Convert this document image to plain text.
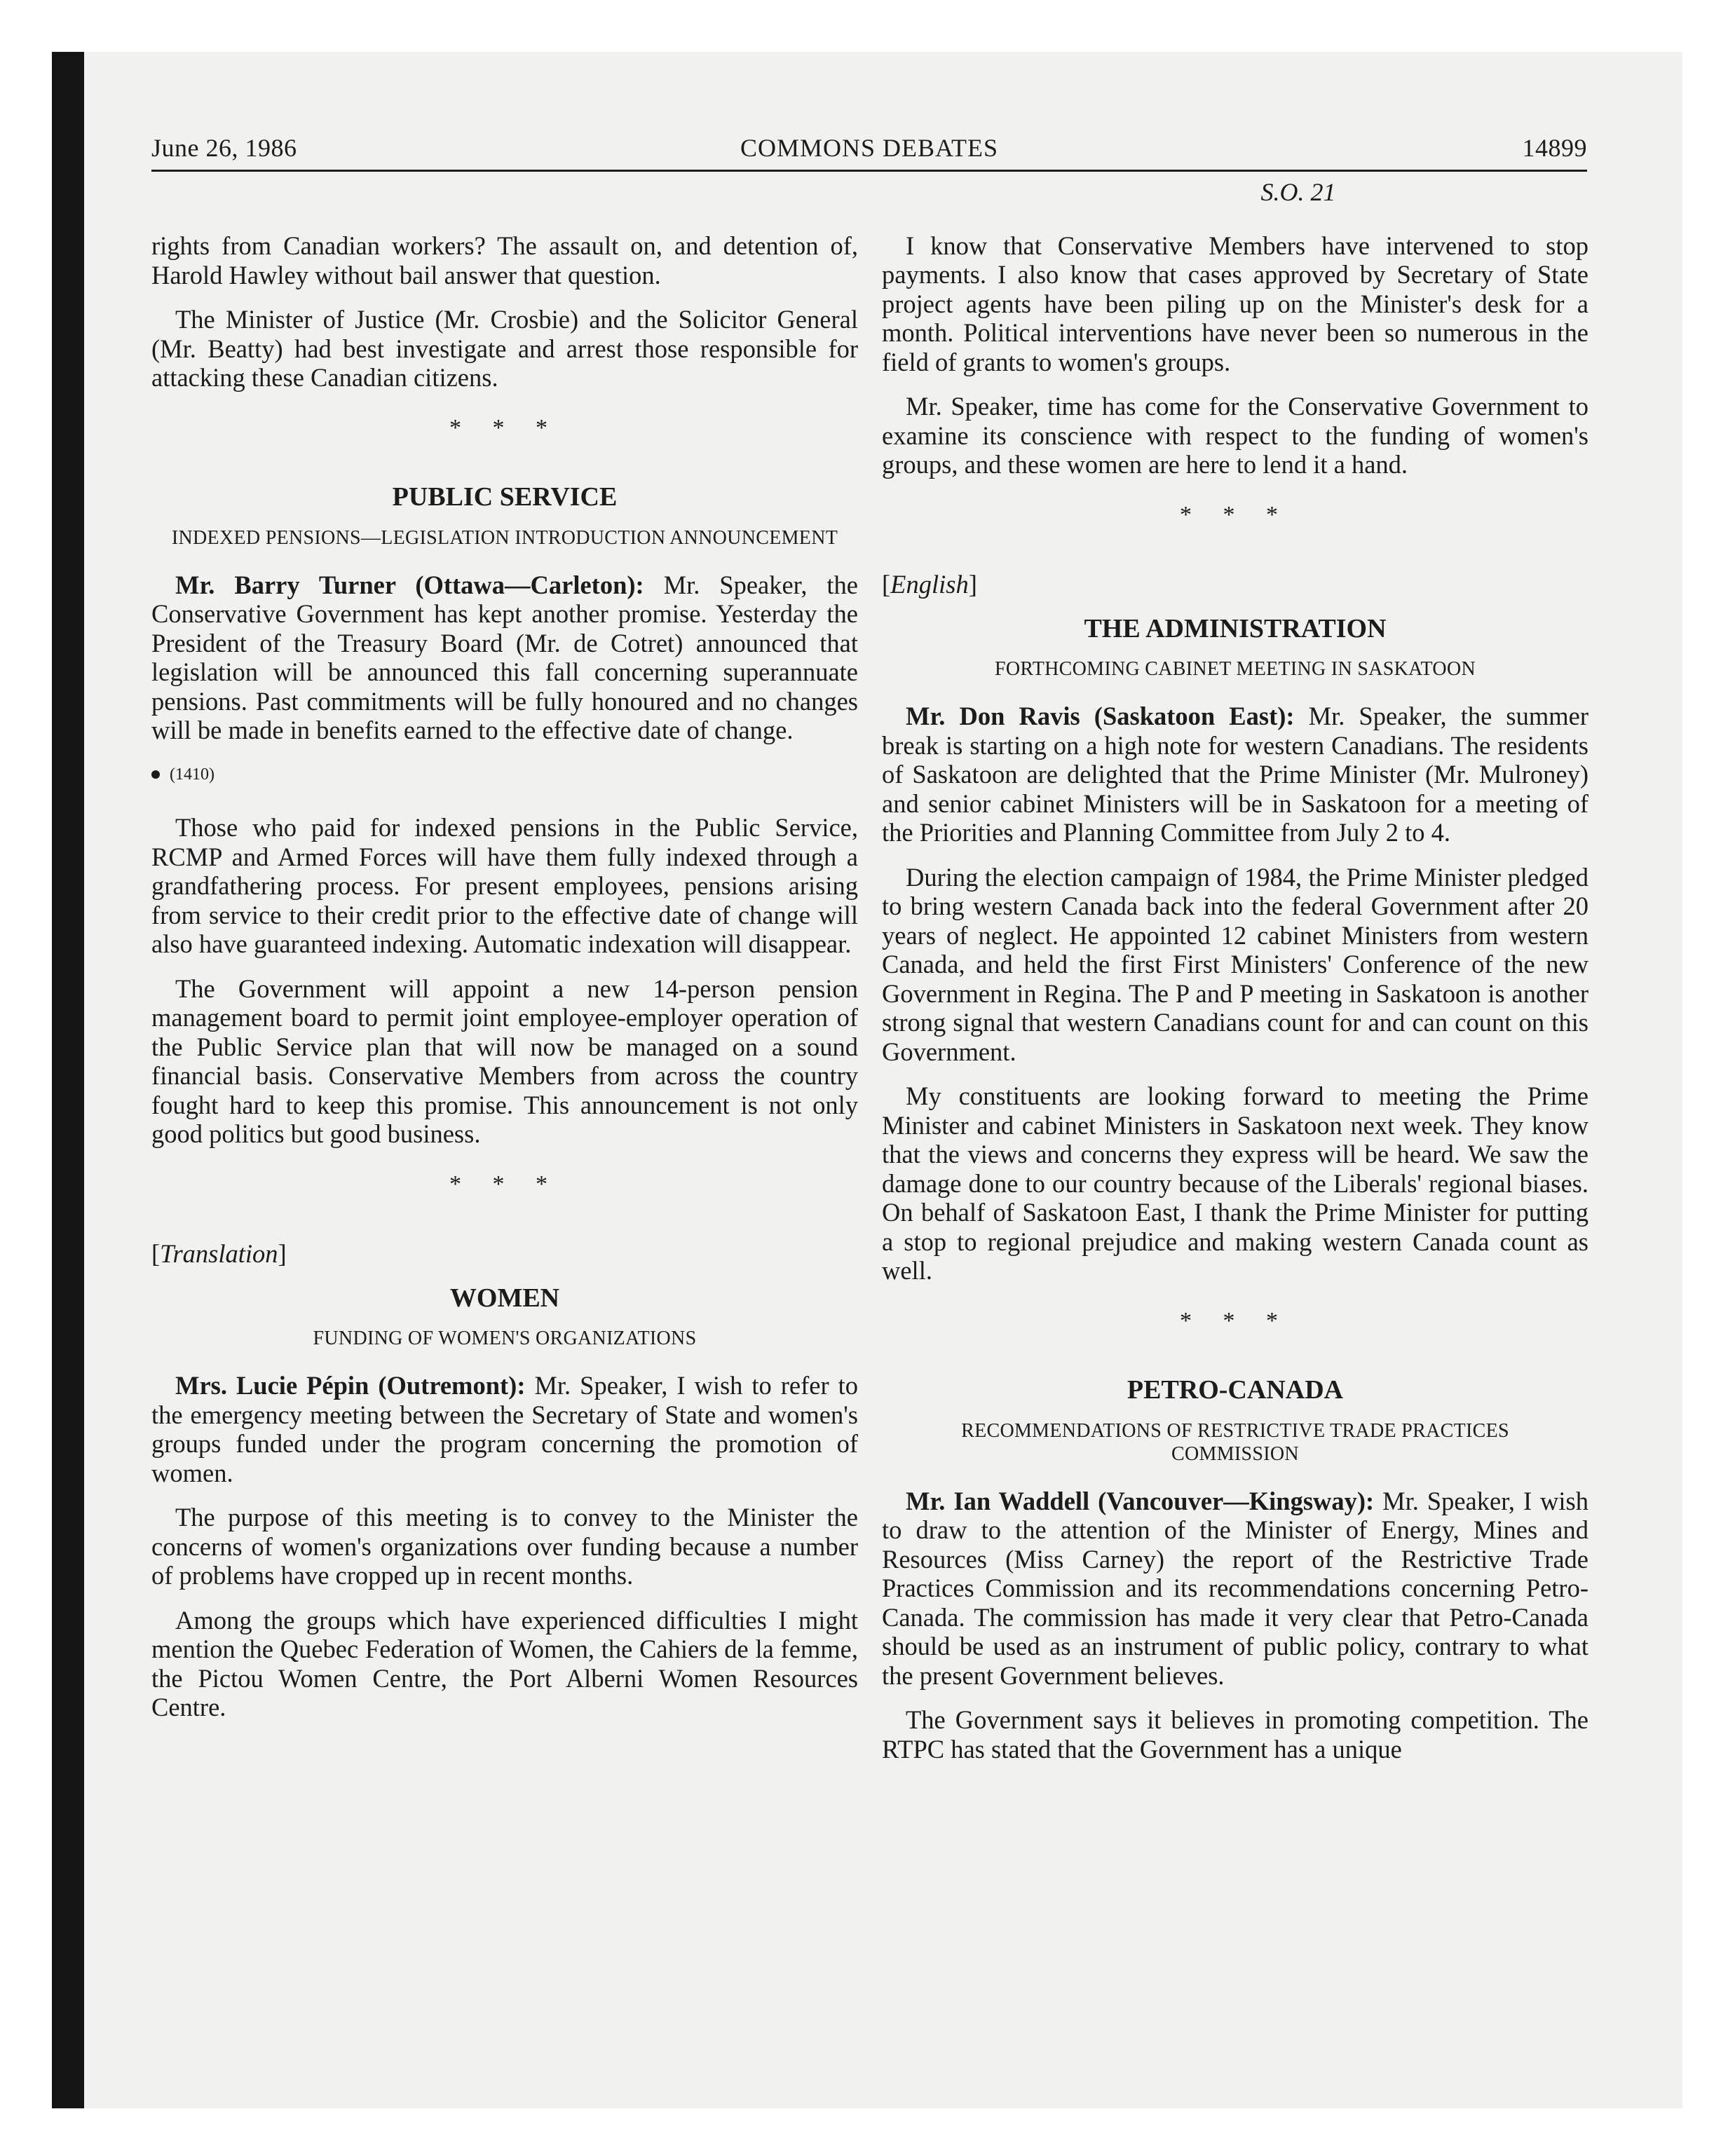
June 26, 1986	COMMONS DEBATES	14899

rights from Canadian workers? The assault on, and detention of, Harold Hawley without bail answer that question.

The Minister of Justice (Mr. Crosbie) and the Solicitor General (Mr. Beatty) had best investigate and arrest those responsible for attacking these Canadian citizens.

* * *
PUBLIC SERVICE
INDEXED PENSIONS—LEGISLATION INTRODUCTION ANNOUNCEMENT

Mr. Barry Turner (Ottawa—Carleton): Mr. Speaker, the Conservative Government has kept another promise. Yesterday the President of the Treasury Board (Mr. de Cotret) announced that legislation will be announced this fall concerning superannuate pensions. Past commitments will be fully honoured and no changes will be made in benefits earned to the effective date of change.

(1410)

Those who paid for indexed pensions in the Public Service, RCMP and Armed Forces will have them fully indexed through a grandfathering process. For present employees, pensions arising from service to their credit prior to the effective date of change will also have guaranteed indexing. Automatic indexation will disappear.

The Government will appoint a new 14-person pension management board to permit joint employee-employer operation of the Public Service plan that will now be managed on a sound financial basis. Conservative Members from across the country fought hard to keep this promise. This announcement is not only good politics but good business.

* * *
[Translation]
WOMEN
FUNDING OF WOMEN'S ORGANIZATIONS

Mrs. Lucie Pépin (Outremont): Mr. Speaker, I wish to refer to the emergency meeting between the Secretary of State and women's groups funded under the program concerning the promotion of women.

The purpose of this meeting is to convey to the Minister the concerns of women's organizations over funding because a number of problems have cropped up in recent months.

Among the groups which have experienced difficulties I might mention the Quebec Federation of Women, the Cahiers de la femme, the Pictou Women Centre, the Port Alberni Women Resources Centre.

S.O. 21

I know that Conservative Members have intervened to stop payments. I also know that cases approved by Secretary of State project agents have been piling up on the Minister's desk for a month. Political interventions have never been so numerous in the field of grants to women's groups.

Mr. Speaker, time has come for the Conservative Government to examine its conscience with respect to the funding of women's groups, and these women are here to lend it a hand.

* * *
[English]
THE ADMINISTRATION
FORTHCOMING CABINET MEETING IN SASKATOON

Mr. Don Ravis (Saskatoon East): Mr. Speaker, the summer break is starting on a high note for western Canadians. The residents of Saskatoon are delighted that the Prime Minister (Mr. Mulroney) and senior cabinet Ministers will be in Saskatoon for a meeting of the Priorities and Planning Committee from July 2 to 4.

During the election campaign of 1984, the Prime Minister pledged to bring western Canada back into the federal Government after 20 years of neglect. He appointed 12 cabinet Ministers from western Canada, and held the first First Ministers' Conference of the new Government in Regina. The P and P meeting in Saskatoon is another strong signal that western Canadians count for and can count on this Government.

My constituents are looking forward to meeting the Prime Minister and cabinet Ministers in Saskatoon next week. They know that the views and concerns they express will be heard. We saw the damage done to our country because of the Liberals' regional biases. On behalf of Saskatoon East, I thank the Prime Minister for putting a stop to regional prejudice and making western Canada count as well.

* * *
PETRO-CANADA
RECOMMENDATIONS OF RESTRICTIVE TRADE PRACTICES COMMISSION

Mr. Ian Waddell (Vancouver—Kingsway): Mr. Speaker, I wish to draw to the attention of the Minister of Energy, Mines and Resources (Miss Carney) the report of the Restrictive Trade Practices Commission and its recommendations concerning Petro-Canada. The commission has made it very clear that Petro-Canada should be used as an instrument of public policy, contrary to what the present Government believes.

The Government says it believes in promoting competition. The RTPC has stated that the Government has a unique
